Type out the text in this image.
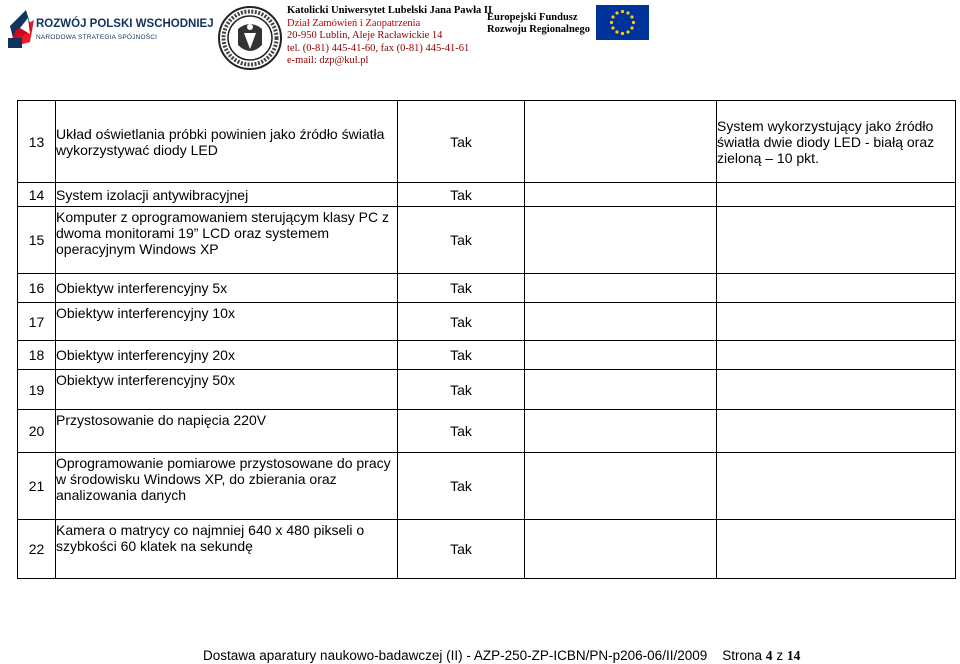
ROZWÓJ POLSKI WSCHODNIEJ
NARODOWA STRATEGIA SPÓJNOŚCI
Katolicki Uniwersytet Lubelski Jana Pawła II
Dział Zamówień i Zaopatrzenia
20-950 Lublin, Aleje Racławickie 14
tel. (0-81) 445-41-60, fax (0-81) 445-41-61
e-mail: dzp@kul.pl
Europejski Fundusz
Rozwoju Regionalnego
13	Układ oświetlania próbki powinien jako źródło światła wykorzystywać diody LED	Tak		System wykorzystujący jako źródło światła dwie diody LED - białą oraz zieloną – 10 pkt.
14	System izolacji antywibracyjnej	Tak		
15	Komputer z oprogramowaniem sterującym klasy PC z dwoma monitorami 19” LCD oraz systemem operacyjnym Windows XP	Tak		
16	Obiektyw interferencyjny 5x	Tak		
17	Obiektyw interferencyjny 10x	Tak		
18	Obiektyw interferencyjny 20x	Tak		
19	Obiektyw interferencyjny 50x	Tak		
20	Przystosowanie do napięcia 220V	Tak		
21	Oprogramowanie pomiarowe przystosowane do pracy w środowisku Windows XP, do zbierania oraz analizowania danych	Tak		
22	Kamera o matrycy co najmniej 640 x 480 pikseli o szybkości 60 klatek na sekundę	Tak		
Dostawa aparatury naukowo-badawczej (II) - AZP-250-ZP-ICBN/PN-p206-06/II/2009 Strona 4 z 14
